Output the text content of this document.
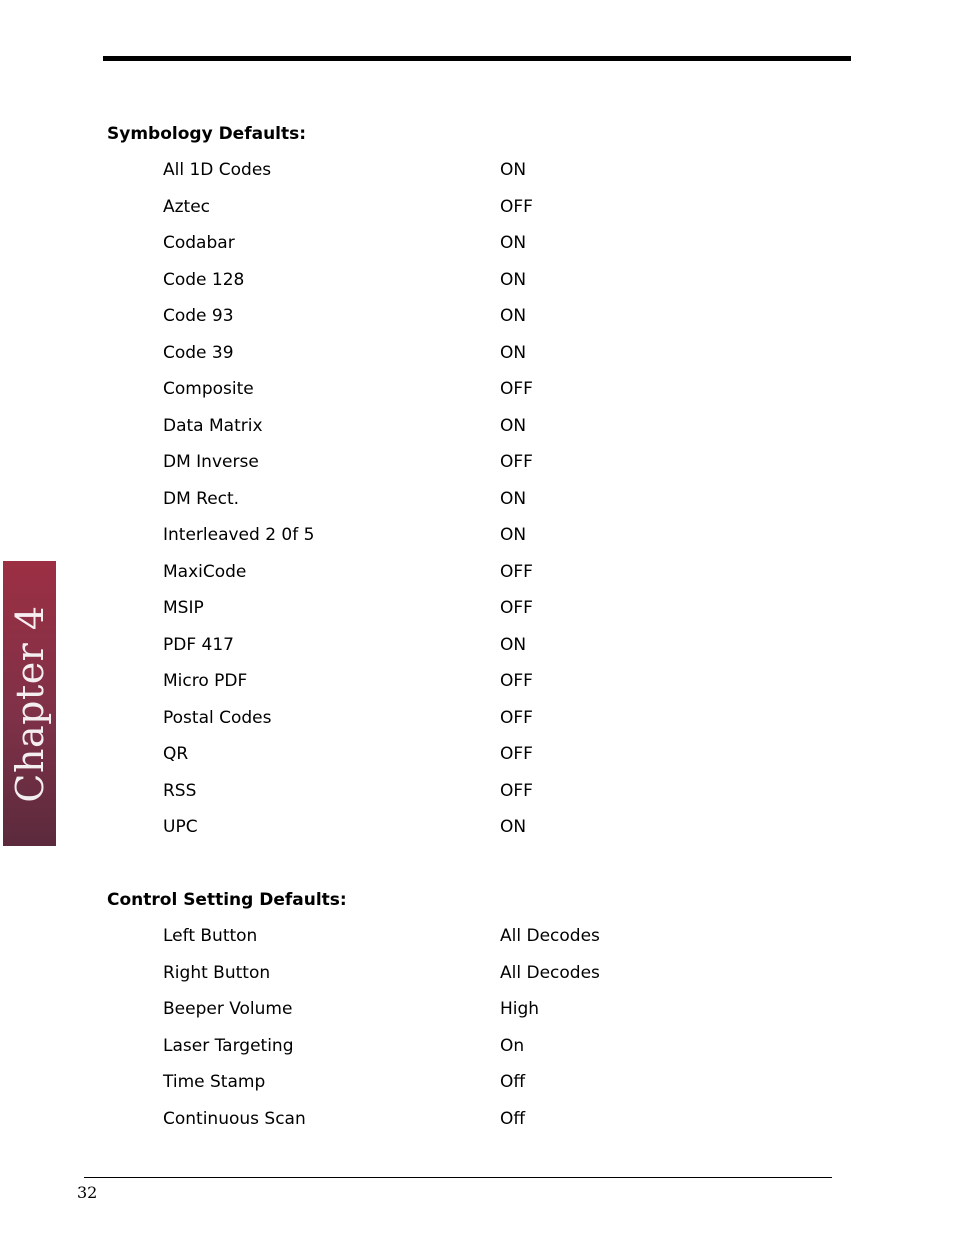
Symbology Defaults:
All 1D Codes	ON
Aztec	OFF
Codabar	ON
Code 128	ON
Code 93	ON
Code 39	ON
Composite	OFF
Data Matrix	ON
DM Inverse	OFF
DM Rect.	ON
Interleaved 2 0f 5	ON
MaxiCode	OFF
MSIP	OFF
PDF 417	ON
Micro PDF	OFF
Postal Codes	OFF
QR	OFF
RSS	OFF
UPC	ON
Control Setting Defaults:
Left Button	All Decodes
Right Button	All Decodes
Beeper Volume	High
Laser Targeting	On
Time Stamp	Off
Continuous Scan	Off
Chapter 4
32
